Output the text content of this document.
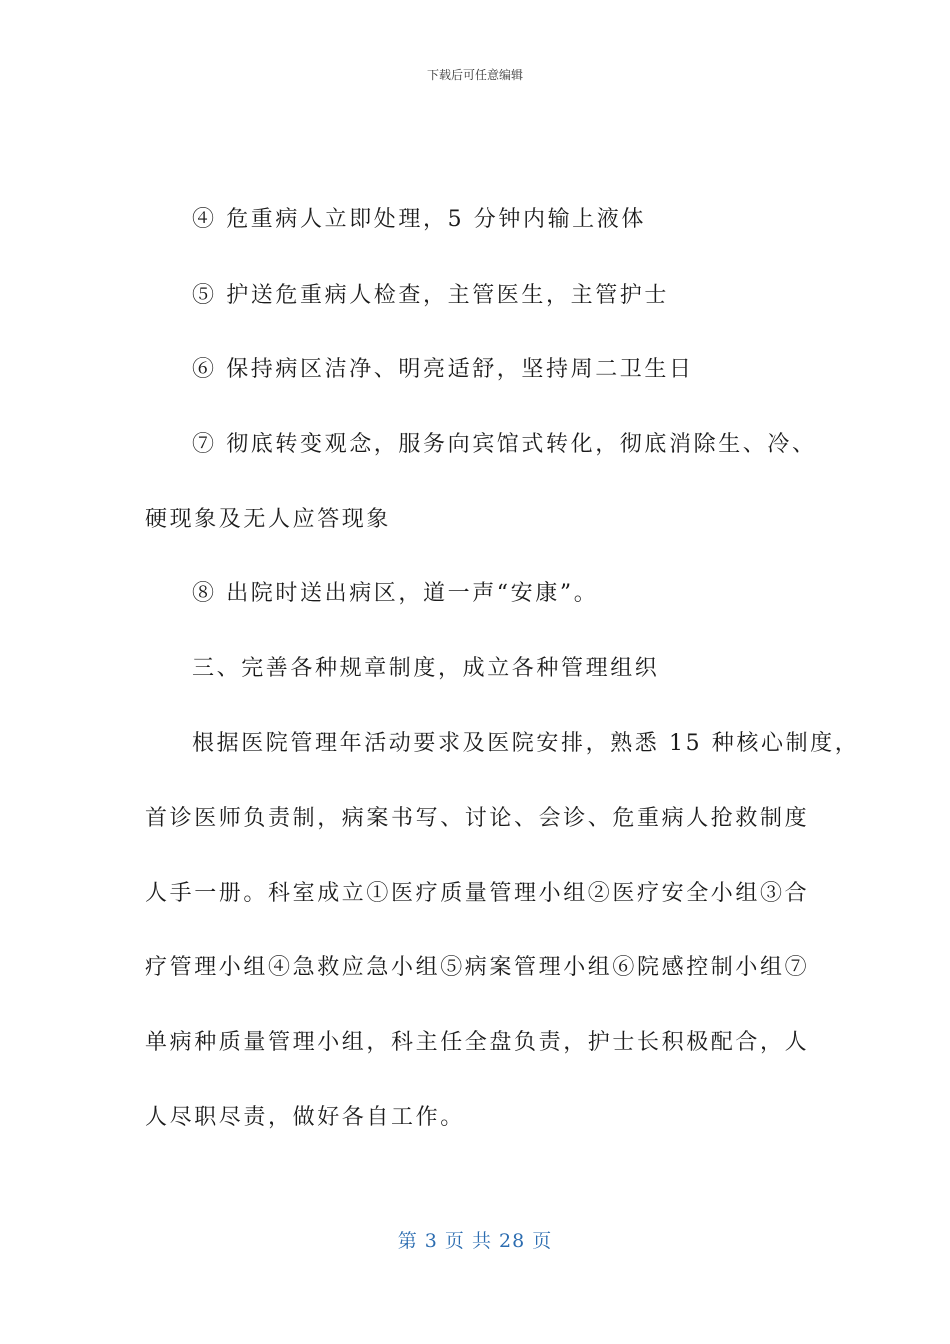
下载后可任意编辑
④ 危重病人立即处理，5 分钟内输上液体
⑤ 护送危重病人检查，主管医生，主管护士
⑥ 保持病区洁净、明亮适舒，坚持周二卫生日
⑦ 彻底转变观念，服务向宾馆式转化，彻底消除生、冷、
硬现象及无人应答现象
⑧ 出院时送出病区，道一声“安康”。
三、完善各种规章制度，成立各种管理组织
根据医院管理年活动要求及医院安排，熟悉 15 种核心制度，
首诊医师负责制，病案书写、讨论、会诊、危重病人抢救制度
人手一册。科室成立①医疗质量管理小组②医疗安全小组③合
疗管理小组④急救应急小组⑤病案管理小组⑥院感控制小组⑦
单病种质量管理小组，科主任全盘负责，护士长积极配合，人
人尽职尽责，做好各自工作。
第 3 页 共 28 页
